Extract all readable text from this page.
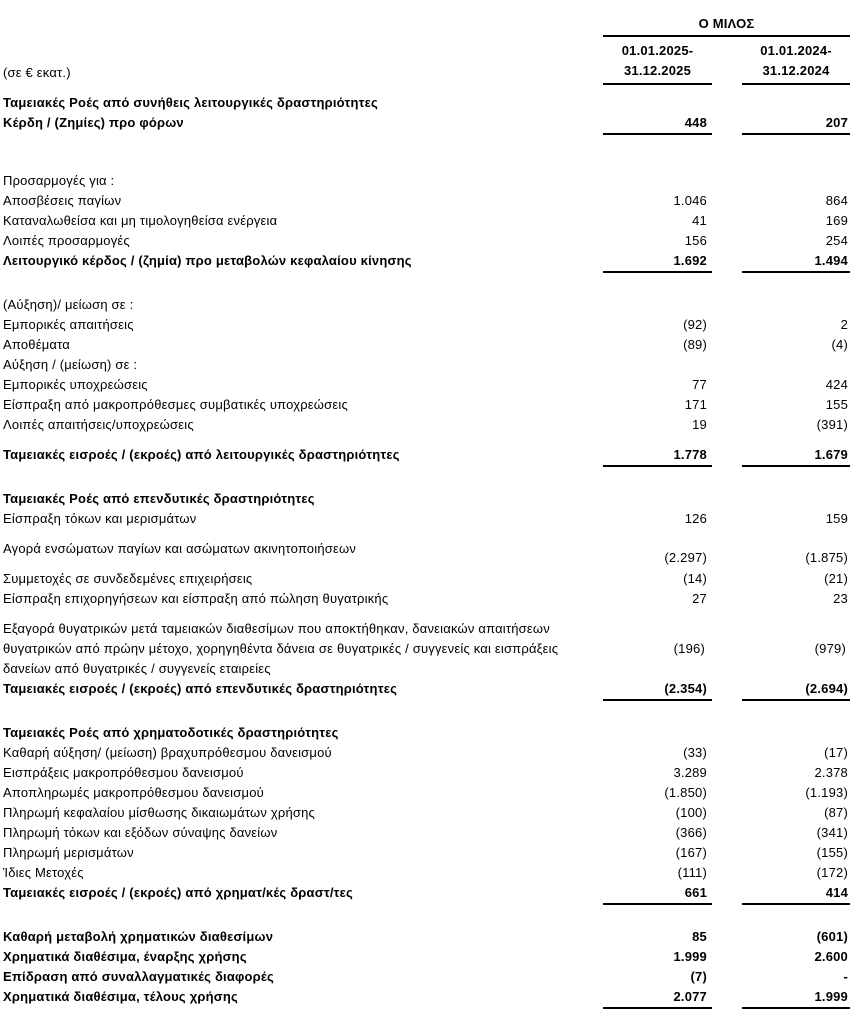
(σε € εκατ.)
Ο ΜΙΛΟΣ
01.01.2025-
31.12.2025
01.01.2024-
31.12.2024
Ταμειακές Ροές από συνήθεις λειτουργικές δραστηριότητες
Κέρδη / (Ζημίες) προ φόρων	448	207
Προσαρμογές για :
Αποσβέσεις παγίων	1.046	864
Καταναλωθείσα και μη τιμολογηθείσα ενέργεια	41	169
Λοιπές προσαρμογές	156	254
Λειτουργικό κέρδος / (ζημία) προ μεταβολών κεφαλαίου κίνησης	1.692	1.494
(Αύξηση)/ μείωση σε :
Εμπορικές απαιτήσεις	(92)	2
Αποθέματα	(89)	(4)
Αύξηση / (μείωση) σε :
Εμπορικές υποχρεώσεις	77	424
Είσπραξη από μακροπρόθεσμες συμβατικές υποχρεώσεις	171	155
Λοιπές απαιτήσεις/υποχρεώσεις	19	(391)
Ταμειακές εισροές / (εκροές) από λειτουργικές δραστηριότητες	1.778	1.679
Ταμειακές Ροές από επενδυτικές δραστηριότητες
Είσπραξη τόκων και μερισμάτων	126	159
Αγορά ενσώματων παγίων και ασώματων ακινητοποιήσεων
(2.297)	(1.875)
Συμμετοχές σε συνδεδεμένες επιχειρήσεις	(14)	(21)
Είσπραξη επιχορηγήσεων και είσπραξη από πώληση θυγατρικής	27	23
Εξαγορά θυγατρικών μετά ταμειακών διαθεσίμων που αποκτήθηκαν, δανειακών απαιτήσεων θυγατρικών από πρώην μέτοχο, χορηγηθέντα δάνεια σε θυγατρικές / συγγενείς και εισπράξεις δανείων από θυγατρικές / συγγενείς εταιρείες
(196)	(979)
Ταμειακές εισροές / (εκροές) από επενδυτικές δραστηριότητες	(2.354)	(2.694)
Ταμειακές Ροές από χρηματοδοτικές δραστηριότητες
Καθαρή αύξηση/ (μείωση) βραχυπρόθεσμου δανεισμού	(33)	(17)
Εισπράξεις μακροπρόθεσμου δανεισμού	3.289	2.378
Αποπληρωμές μακροπρόθεσμου δανεισμού	(1.850)	(1.193)
Πληρωμή κεφαλαίου μίσθωσης δικαιωμάτων χρήσης	(100)	(87)
Πληρωμή τόκων και εξόδων σύναψης δανείων	(366)	(341)
Πληρωμή μερισμάτων	(167)	(155)
Ίδιες Μετοχές	(111)	(172)
Ταμειακές εισροές / (εκροές) από χρηματ/κές δραστ/τες	661	414
Καθαρή μεταβολή χρηματικών διαθεσίμων	85	(601)
Χρηματικά διαθέσιμα, έναρξης χρήσης	1.999	2.600
Επίδραση από συναλλαγματικές διαφορές	(7)	-
Χρηματικά διαθέσιμα, τέλους χρήσης	2.077	1.999
